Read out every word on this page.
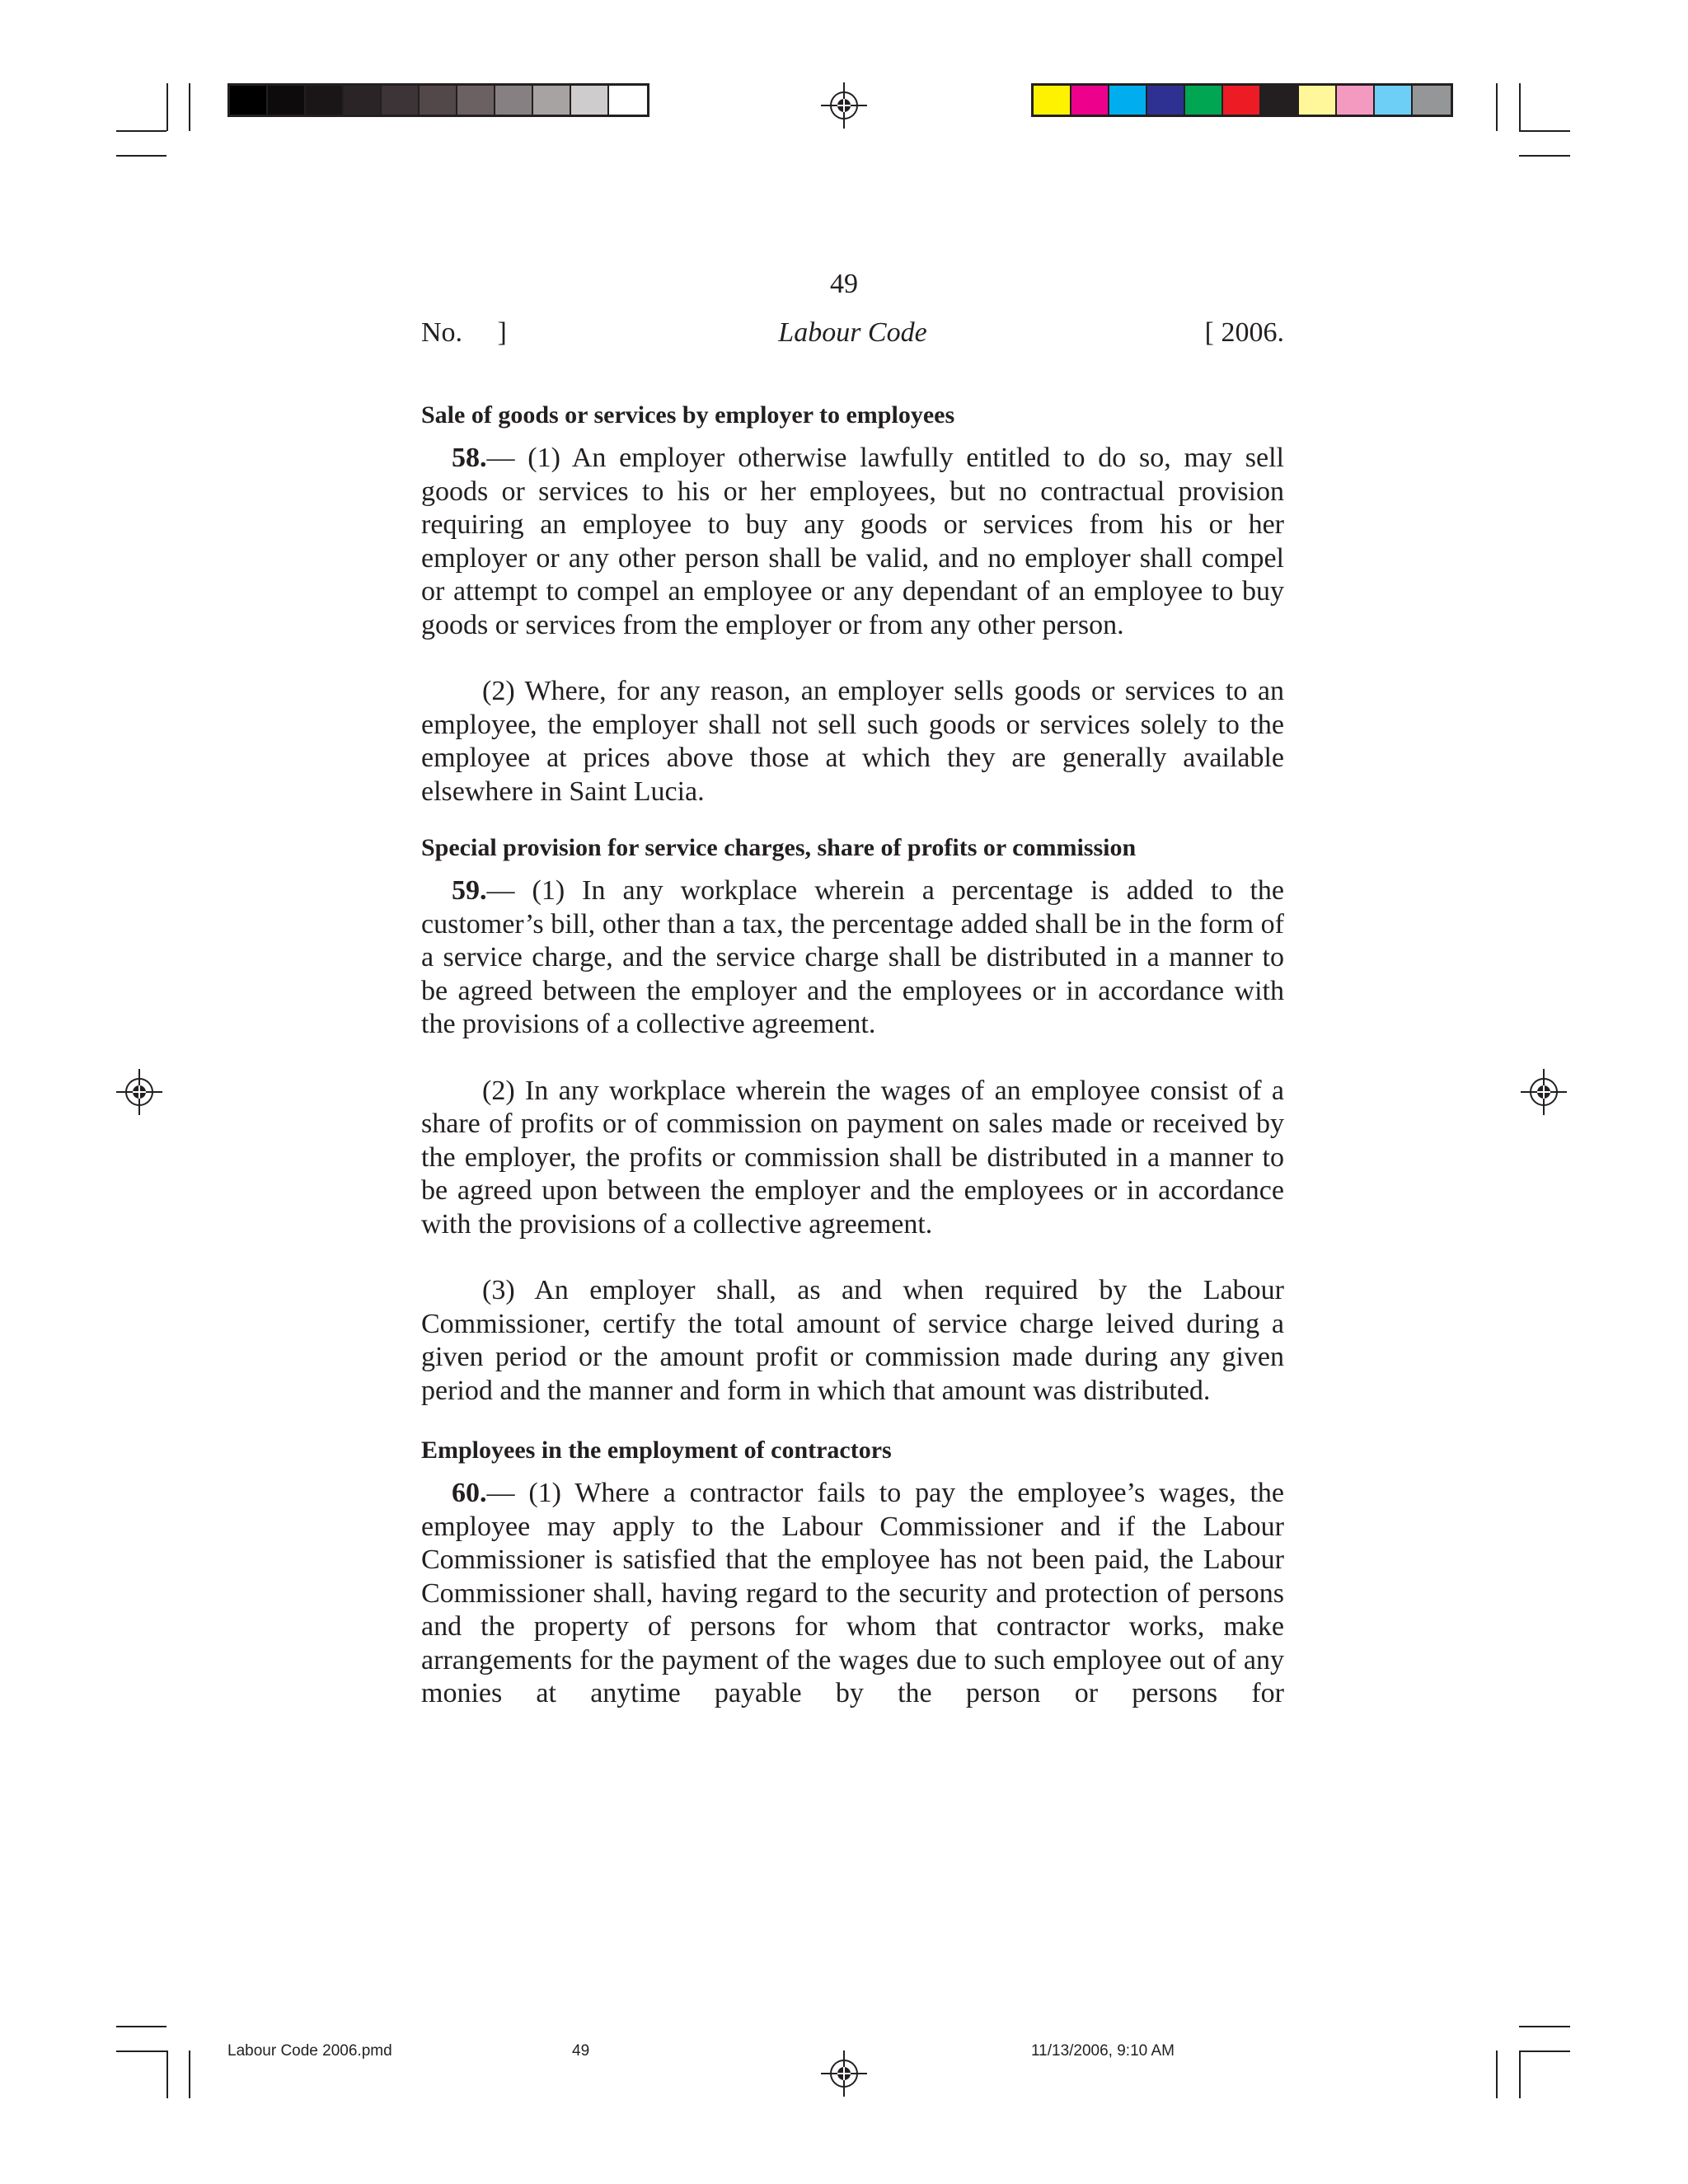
49
Labour Code
No.     ]	[ 2006.

Sale of goods or services by employer to employees

58.— (1) An employer otherwise lawfully entitled to do so, may sell goods or services to his or her employees, but no contractual provision requiring an employee to buy any goods or services from his or her employer or any other person shall be valid, and no employer shall compel or attempt to compel an employee or any dependant of an employee to buy goods or services from the employer or from any other person.

(2) Where, for any reason, an employer sells goods or services to an employee, the employer shall not sell such goods or services solely to the employee at prices above those at which they are generally available elsewhere in Saint Lucia.

Special provision for service charges, share of profits or commission

59.— (1) In any workplace wherein a percentage is added to the customer’s bill, other than a tax, the percentage added shall be in the form of a service charge, and the service charge shall be distributed in a manner to be agreed between the employer and the employees or in accordance with the provisions of a collective agreement.

(2) In any workplace wherein the wages of an employee consist of a share of profits or of commission on payment on sales made or received by the employer, the profits or commission shall be distributed in a manner to be agreed upon between the employer and the employees or in accordance with the provisions of a collective agreement.

(3) An employer shall, as and when required by the Labour Commissioner, certify the total amount of service charge leived during a given period or the amount profit or commission made during any given period and the manner and form in which that amount was distributed.

Employees in the employment of contractors

60.— (1) Where a contractor fails to pay the employee’s wages, the employee may apply to the Labour Commissioner and if the Labour Commissioner is satisfied that the employee has not been paid, the Labour Commissioner shall, having regard to the security and protection of persons and the property of persons for whom that contractor works, make arrangements for the payment of the wages due to such employee out of any monies at anytime payable by the person or persons for

Labour Code 2006.pmd	49	11/13/2006, 9:10 AM
